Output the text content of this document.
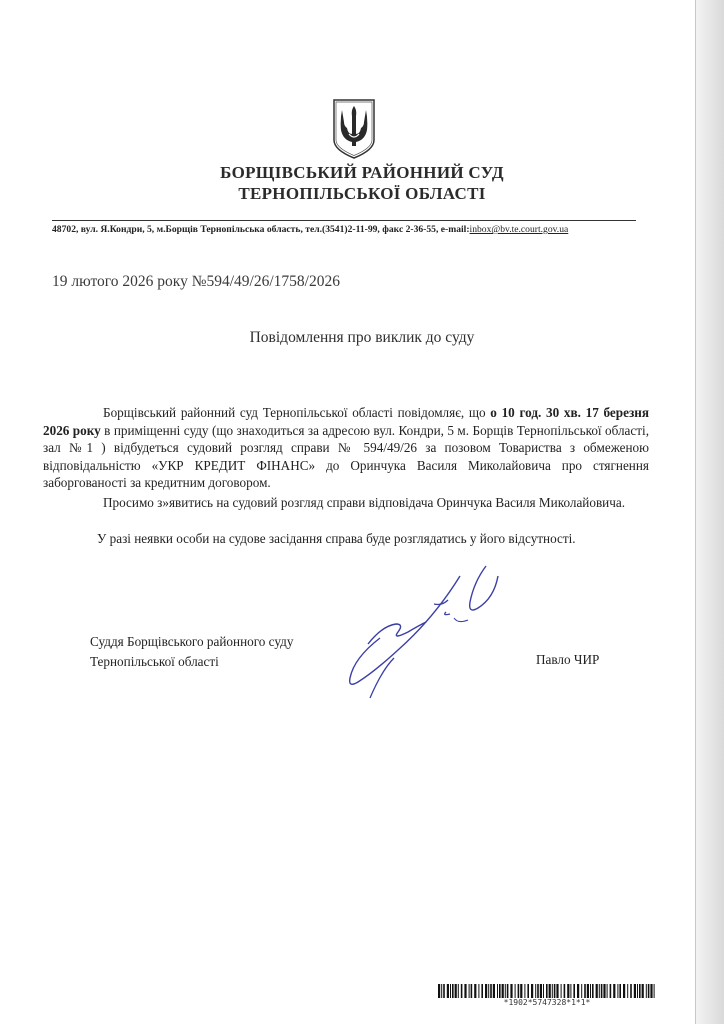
БОРЩІВСЬКИЙ РАЙОННИЙ СУД
ТЕРНОПІЛЬСЬКОЇ ОБЛАСТІ
48702, вул. Я.Кондри, 5, м.Борщів Тернопільська область, тел.(3541)2-11-99, факс 2-36-55, e-mail:inbox@bv.te.court.gov.ua
19 лютого 2026 року №594/49/26/1758/2026
Повідомлення про виклик до суду
Борщівський районний суд Тернопільської області повідомляє, що о 10 год. 30 хв. 17 березня 2026 року в приміщенні суду (що знаходиться за адресою вул. Кондри, 5 м. Борщів Тернопільської області, зал №1 ) відбудеться судовий розгляд справи № 594/49/26 за позовом Товариства з обмеженою відповідальністю «УКР КРЕДИТ ФІНАНС» до Оринчука Василя Миколайовича про стягнення заборгованості за кредитним договором.
Просимо з»явитись на судовий розгляд справи відповідача Оринчука Василя Миколайовича.
У разі неявки особи на судове засідання справа буде розглядатись у його відсутності.
Суддя Борщівського районного суду
Тернопільської області	Павло ЧИР
*1902*5747328*1*1*
